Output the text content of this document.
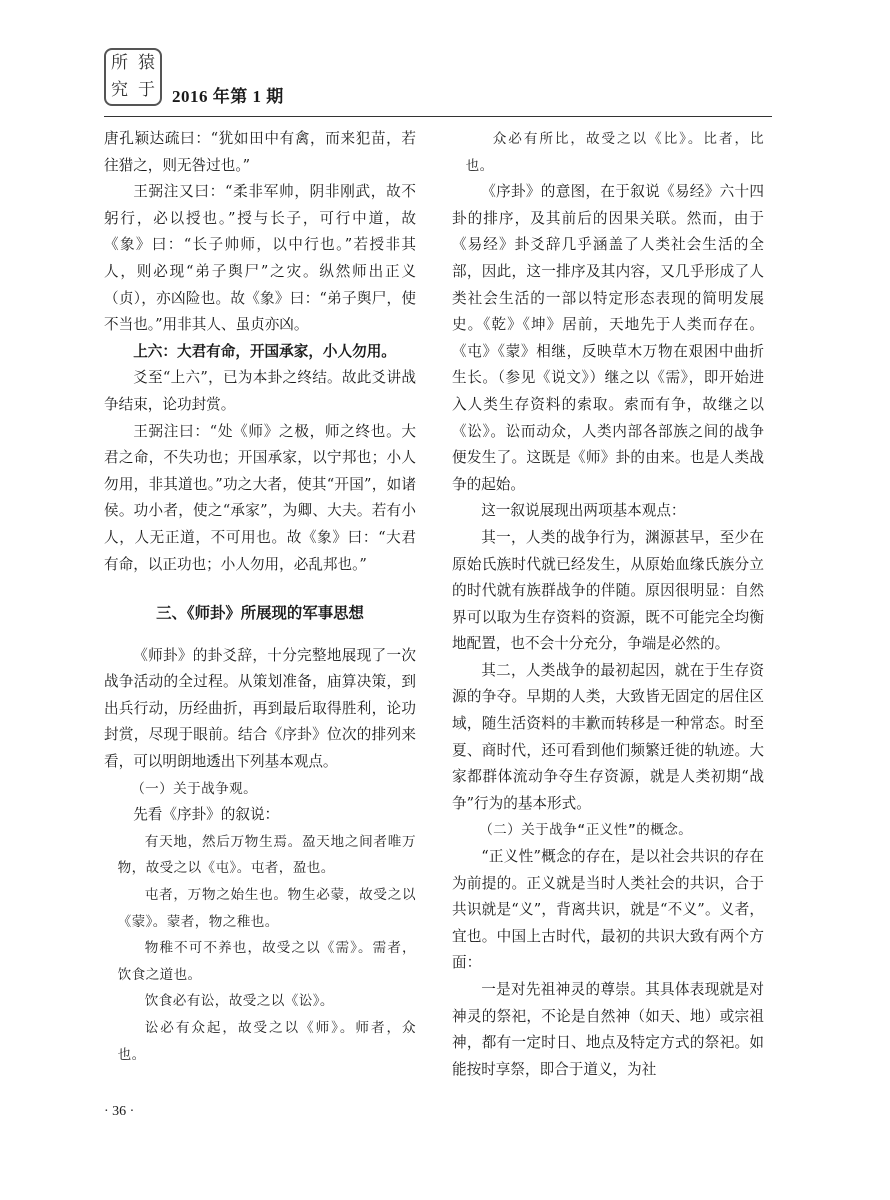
所 猿
究 于 2016 年第 1 期

唐孔颖达疏曰：“犹如田中有禽，而来犯苗，若往猎之，则无咎过也。”

王弼注又曰：“柔非军帅，阴非刚武，故不躬行，必以授也。”授与长子，可行中道，故《象》曰：“长子帅师，以中行也。”若授非其人，则必现“弟子舆尸”之灾。纵然师出正义（贞），亦凶险也。故《象》曰：“弟子舆尸，使不当也。”用非其人、虽贞亦凶。

上六：大君有命，开国承家，小人勿用。

爻至“上六”，已为本卦之终结。故此爻讲战争结束，论功封赏。

王弼注曰：“处《师》之极，师之终也。大君之命，不失功也；开国承家，以宁邦也；小人勿用，非其道也。”功之大者，使其“开国”，如诸侯。功小者，使之“承家”，为卿、大夫。若有小人，人无正道，不可用也。故《象》曰：“大君有命，以正功也；小人勿用，必乱邦也。”

三、《师卦》所展现的军事思想

《师卦》的卦爻辞，十分完整地展现了一次战争活动的全过程。从策划准备，庙算决策，到出兵行动，历经曲折，再到最后取得胜利，论功封赏，尽现于眼前。结合《序卦》位次的排列来看，可以明朗地透出下列基本观点。

（一）关于战争观。

先看《序卦》的叙说：

有天地，然后万物生焉。盈天地之间者唯万物，故受之以《屯》。屯者，盈也。

屯者，万物之始生也。物生必蒙，故受之以《蒙》。蒙者，物之稚也。

物稚不可不养也，故受之以《需》。需者，饮食之道也。

饮食必有讼，故受之以《讼》。

讼必有众起，故受之以《师》。师者，众也。

众必有所比，故受之以《比》。比者，比也。

《序卦》的意图，在于叙说《易经》六十四卦的排序，及其前后的因果关联。然而，由于《易经》卦爻辞几乎涵盖了人类社会生活的全部，因此，这一排序及其内容，又几乎形成了人类社会生活的一部以特定形态表现的简明发展史。《乾》《坤》居前，天地先于人类而存在。《屯》《蒙》相继，反映草木万物在艰困中曲折生长。（参见《说文》）继之以《需》，即开始进入人类生存资料的索取。索而有争，故继之以《讼》。讼而动众，人类内部各部族之间的战争便发生了。这既是《师》卦的由来。也是人类战争的起始。

这一叙说展现出两项基本观点：

其一，人类的战争行为，渊源甚早，至少在原始氏族时代就已经发生，从原始血缘氏族分立的时代就有族群战争的伴随。原因很明显：自然界可以取为生存资料的资源，既不可能完全均衡地配置，也不会十分充分，争端是必然的。

其二，人类战争的最初起因，就在于生存资源的争夺。早期的人类，大致皆无固定的居住区域，随生活资料的丰歉而转移是一种常态。时至夏、商时代，还可看到他们频繁迁徙的轨迹。大家都群体流动争夺生存资源，就是人类初期“战争”行为的基本形式。

（二）关于战争“正义性”的概念。

“正义性”概念的存在，是以社会共识的存在为前提的。正义就是当时人类社会的共识，合于共识就是“义”，背离共识，就是“不义”。义者，宜也。中国上古时代，最初的共识大致有两个方面：

一是对先祖神灵的尊崇。其具体表现就是对神灵的祭祀，不论是自然神（如天、地）或宗祖神，都有一定时日、地点及特定方式的祭祀。如能按时享祭，即合于道义，为社

· 36 ·
